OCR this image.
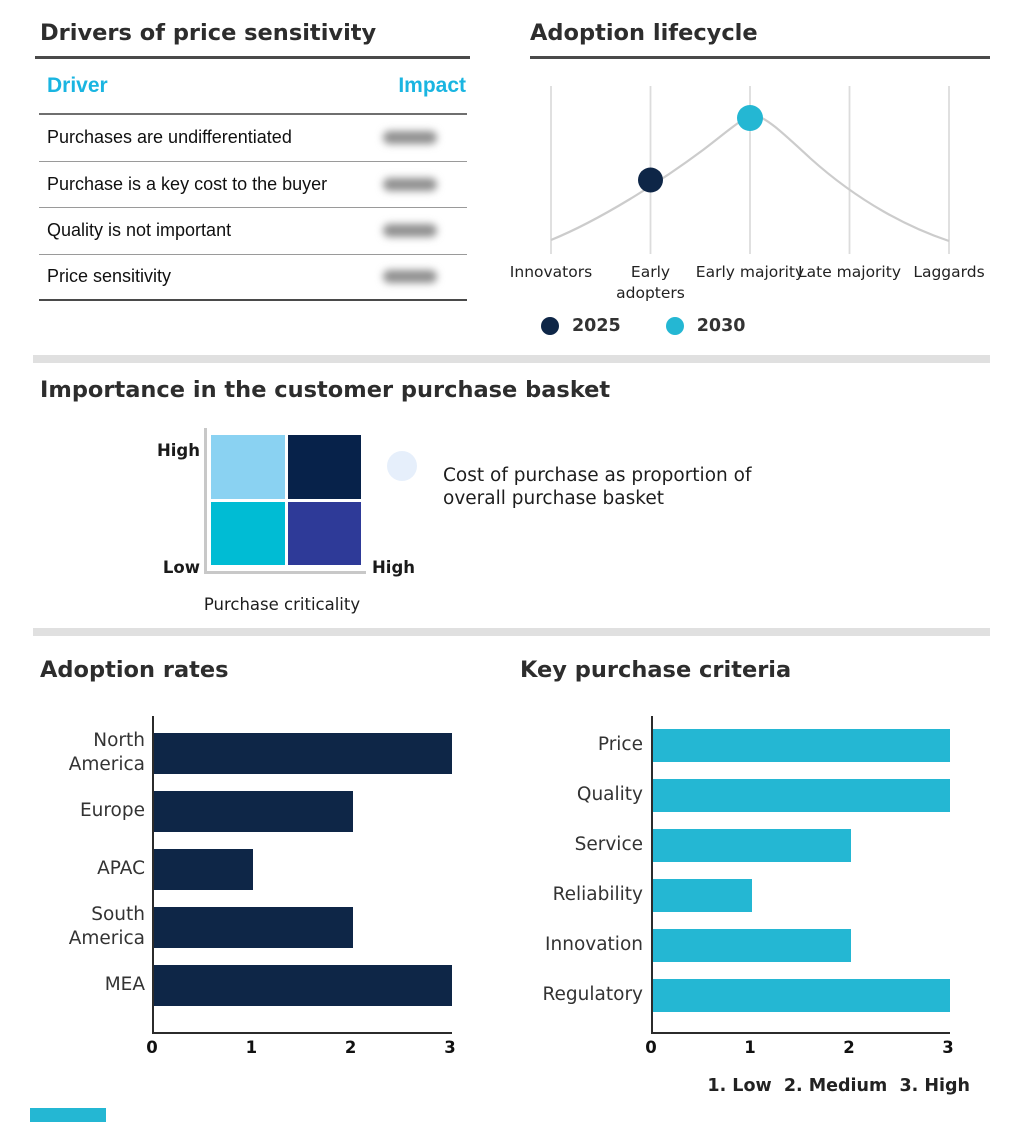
Drivers of price sensitivity
Driver	Impact
Purchases are undifferentiated
Purchase is a key cost to the buyer
Quality is not important
Price sensitivity
Adoption lifecycle
Innovators	Early adopters
Early majority
Late majority Laggards
2025	2030
Importance in the customer purchase basket
High
Low	High
Purchase criticality
Cost of purchase as proportion of overall purchase basket
Adoption rates
North America
Europe
APAC
South America
MEA
0	1	2	3
Key purchase criteria
Price
Quality
Service
Reliability
Innovation
Regulatory
0	1	2	3
1. Low  2. Medium  3. High
